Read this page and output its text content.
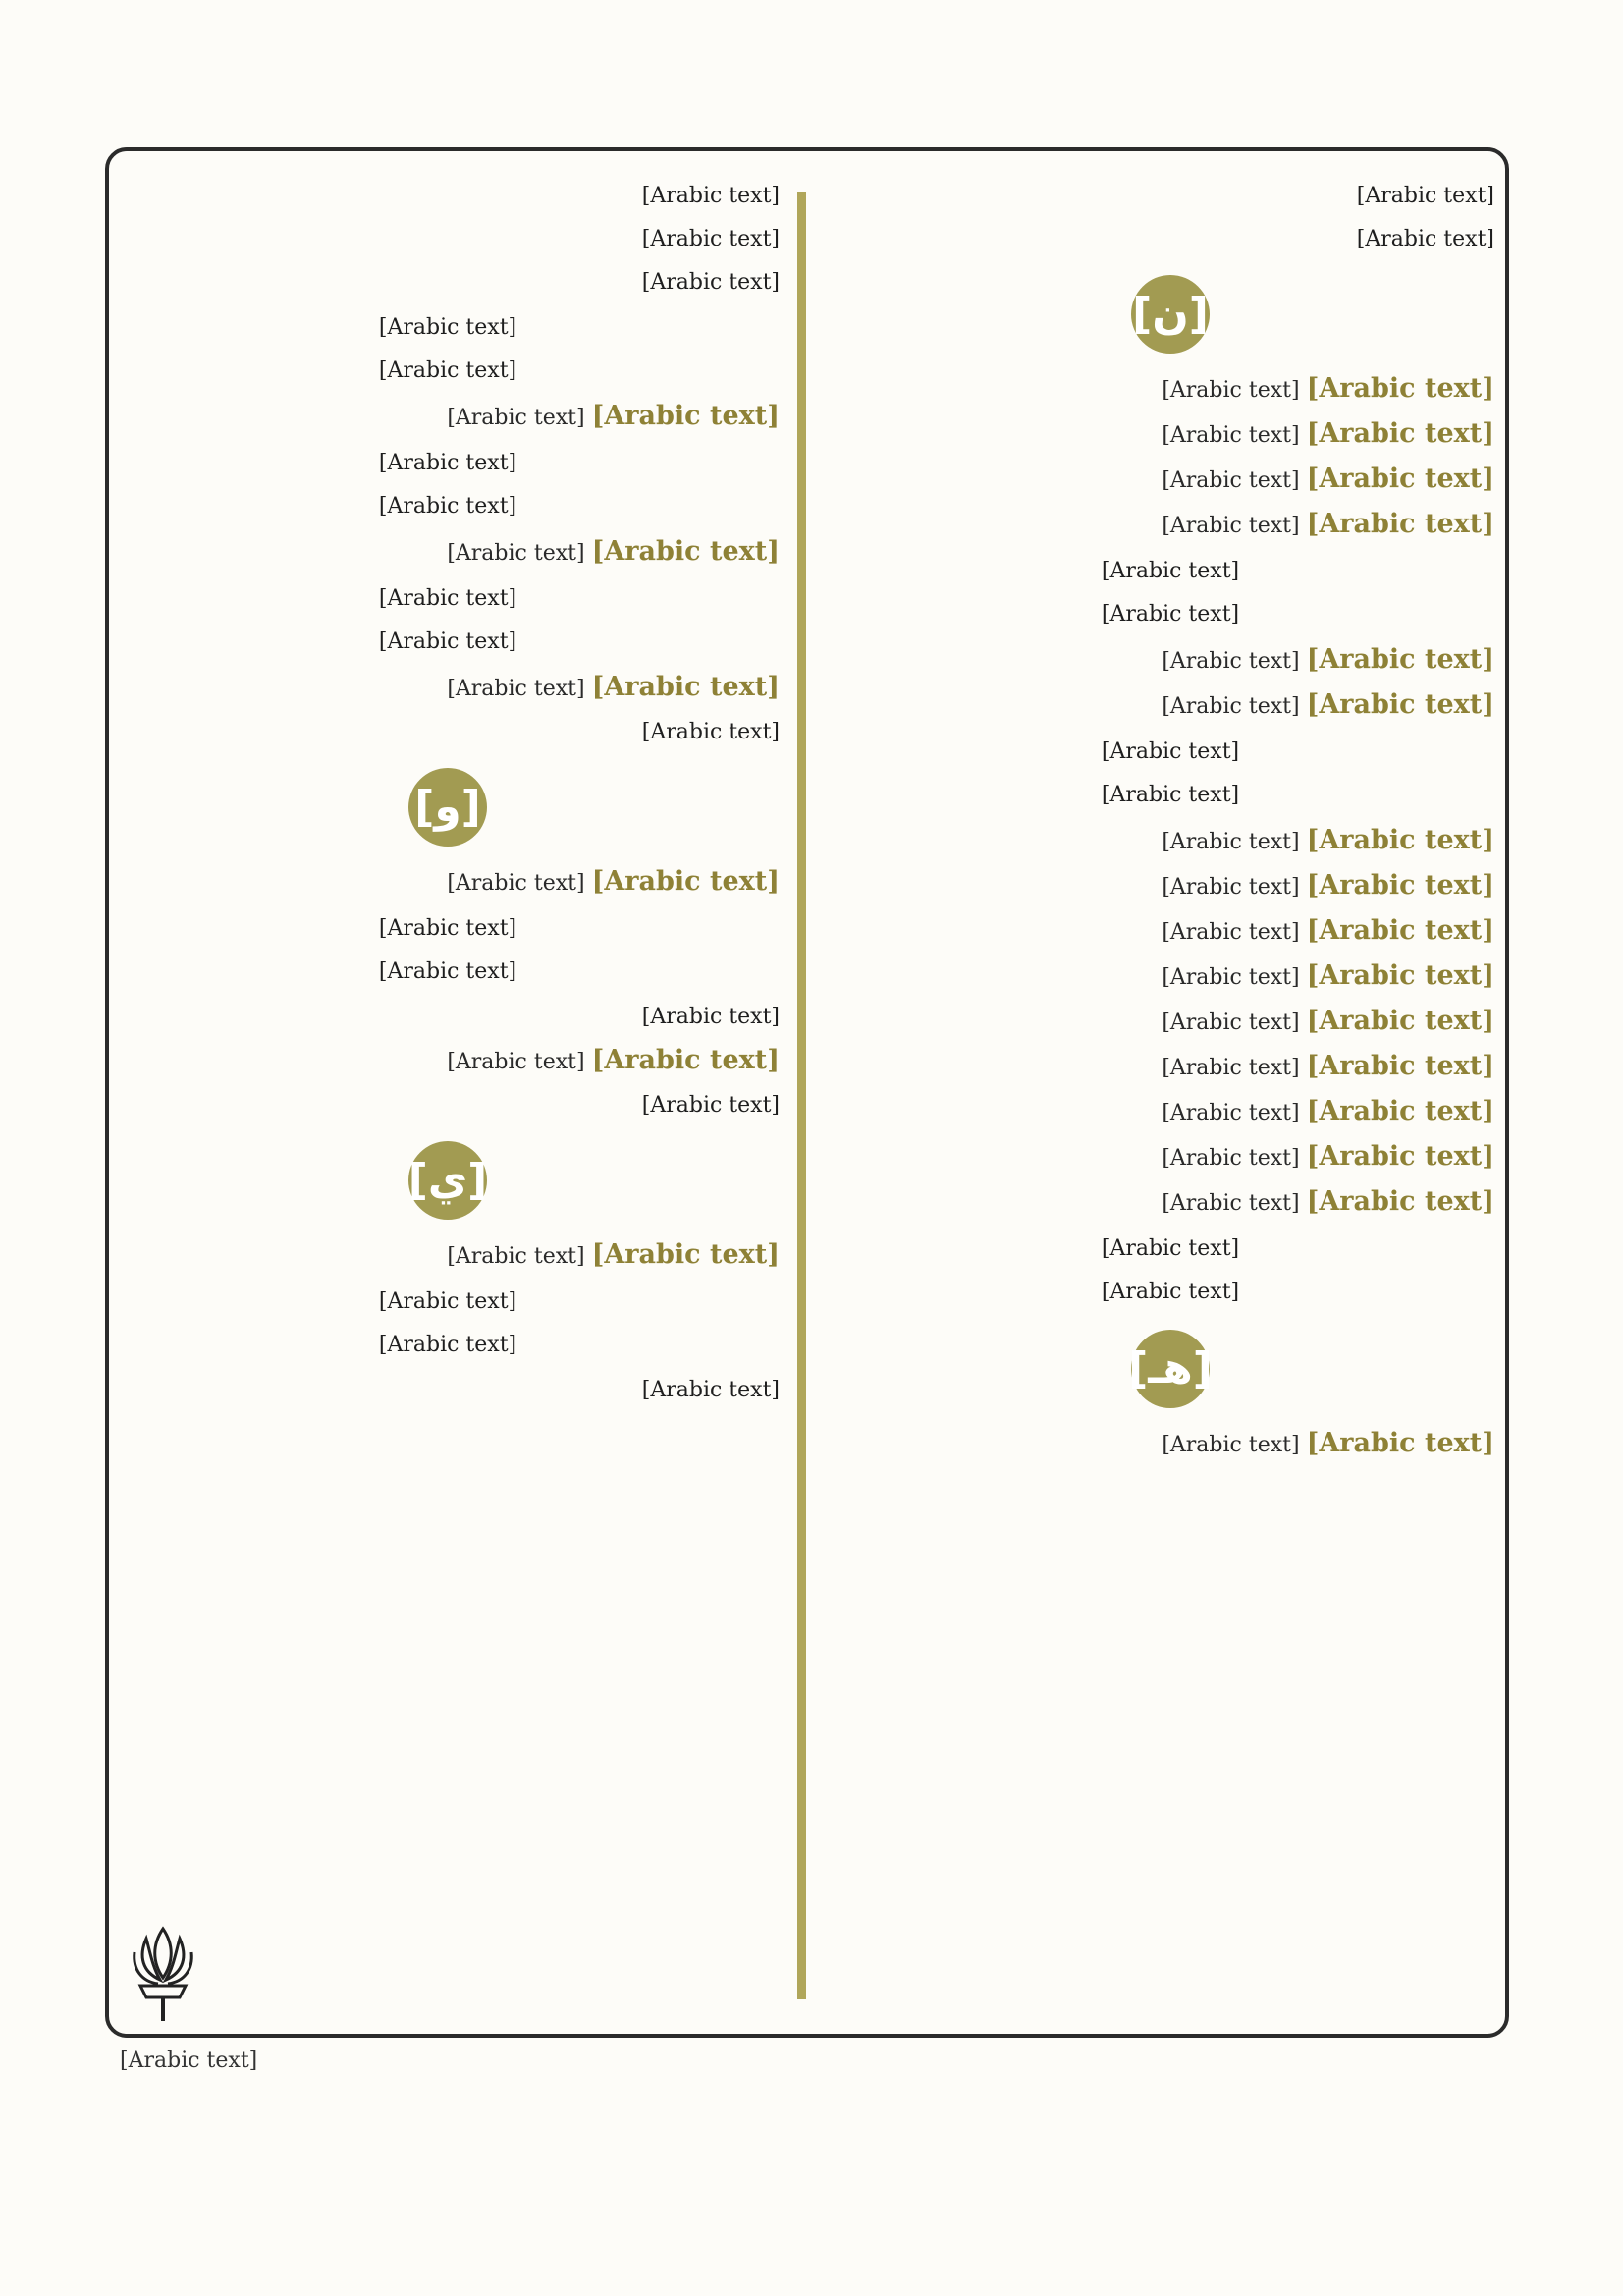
[Arabic text]

[Arabic text]

[ن]

[Arabic text] [Arabic text]

[Arabic text] [Arabic text]

[Arabic text] [Arabic text]

[Arabic text] [Arabic text]

[Arabic text]
[Arabic text]

[Arabic text] [Arabic text]

[Arabic text] [Arabic text]

[Arabic text]
[Arabic text]

[Arabic text] [Arabic text]

[Arabic text] [Arabic text]

[Arabic text] [Arabic text]

[Arabic text] [Arabic text]

[Arabic text] [Arabic text]

[Arabic text] [Arabic text]

[Arabic text] [Arabic text]

[Arabic text] [Arabic text]

[Arabic text] [Arabic text]

[Arabic text]
[Arabic text]
[هـ]

[Arabic text] [Arabic text]

[Arabic text]

[Arabic text]

[Arabic text]

[Arabic text]
[Arabic text]

[Arabic text] [Arabic text]

[Arabic text]
[Arabic text]

[Arabic text] [Arabic text]

[Arabic text]
[Arabic text]

[Arabic text] [Arabic text]

[Arabic text]

[و]

[Arabic text] [Arabic text]

[Arabic text]
[Arabic text]

[Arabic text]

[Arabic text] [Arabic text]

[Arabic text]

[ي]

[Arabic text] [Arabic text]

[Arabic text]
[Arabic text]

[Arabic text]

[Arabic text]
